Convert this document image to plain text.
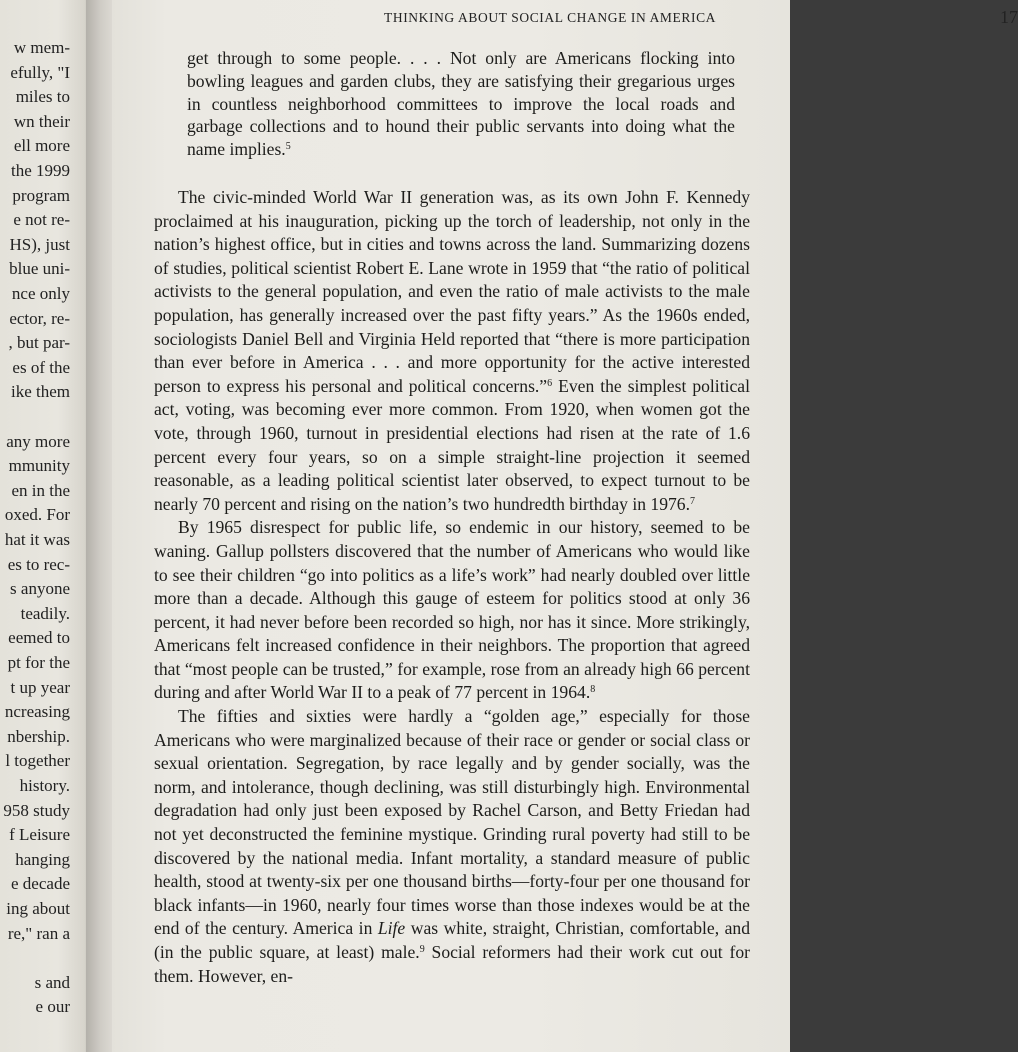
w mem-
efully, "I
miles to
wn their
ell more
the 1999
program
e not re-
HS), just
blue uni-
nce only
ector, re-
, but par-
es of the
ike them
any more
mmunity
en in the
oxed. For
hat it was
es to rec-
s anyone
teadily.
eemed to
pt for the
t up year
ncreasing
nbership.
l together
history.
958 study
f Leisure
hanging
e decade
ing about
re," ran a
s and
e our
THINKING ABOUT SOCIAL CHANGE IN AMERICA	17

get through to some people. . . . Not only are Americans flocking into bowling leagues and garden clubs, they are satisfying their gregarious urges in countless neighborhood committees to improve the local roads and garbage collections and to hound their public servants into doing what the name implies.$^5$

The civic-minded World War II generation was, as its own John F. Kennedy proclaimed at his inauguration, picking up the torch of leadership, not only in the nation’s highest office, but in cities and towns across the land. Summarizing dozens of studies, political scientist Robert E. Lane wrote in 1959 that “the ratio of political activists to the general population, and even the ratio of male activists to the male population, has generally increased over the past fifty years.” As the 1960s ended, sociologists Daniel Bell and Virginia Held reported that “there is more participation than ever before in America . . . and more opportunity for the active interested person to express his personal and political concerns.”$^6$ Even the simplest political act, voting, was becoming ever more common. From 1920, when women got the vote, through 1960, turnout in presidential elections had risen at the rate of 1.6 percent every four years, so on a simple straight-line projection it seemed reasonable, as a leading political scientist later observed, to expect turnout to be nearly 70 percent and rising on the nation’s two hundredth birthday in 1976.$^7$

By 1965 disrespect for public life, so endemic in our history, seemed to be waning. Gallup pollsters discovered that the number of Americans who would like to see their children “go into politics as a life’s work” had nearly doubled over little more than a decade. Although this gauge of esteem for politics stood at only 36 percent, it had never before been recorded so high, nor has it since. More strikingly, Americans felt increased confidence in their neighbors. The proportion that agreed that “most people can be trusted,” for example, rose from an already high 66 percent during and after World War II to a peak of 77 percent in 1964.$^8$

The fifties and sixties were hardly a “golden age,” especially for those Americans who were marginalized because of their race or gender or social class or sexual orientation. Segregation, by race legally and by gender socially, was the norm, and intolerance, though declining, was still disturbingly high. Environmental degradation had only just been exposed by Rachel Carson, and Betty Friedan had not yet deconstructed the feminine mystique. Grinding rural poverty had still to be discovered by the national media. Infant mortality, a standard measure of public health, stood at twenty-six per one thousand births—forty-four per one thousand for black infants—in 1960, nearly four times worse than those indexes would be at the end of the century. America in Life was white, straight, Christian, comfortable, and (in the public square, at least) male.$^9$ Social reformers had their work cut out for them. However, en-
